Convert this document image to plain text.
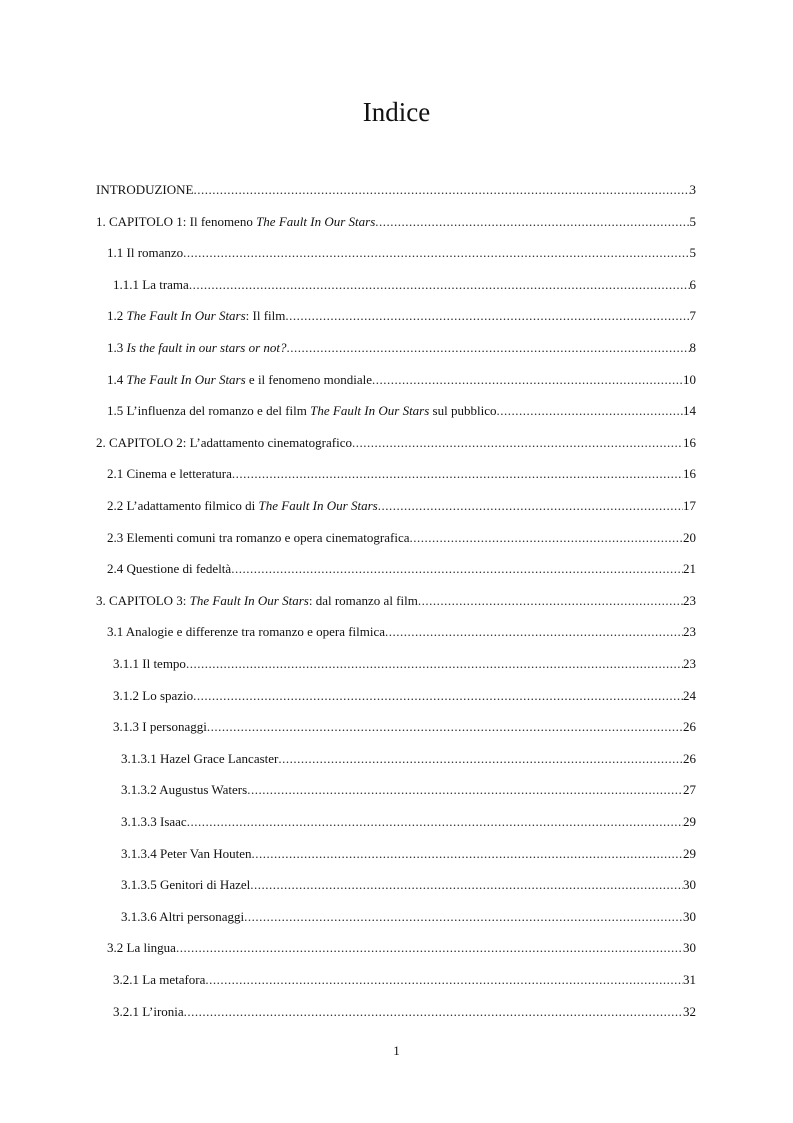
Indice
INTRODUZIONE .....	3
1. CAPITOLO 1: Il fenomeno The Fault In Our Stars .....	5
1.1 Il romanzo .....	5
1.1.1 La trama .....	6
1.2 The Fault In Our Stars: Il film .....	7
1.3 Is the fault in our stars or not? .....	8
1.4 The Fault In Our Stars e il fenomeno mondiale .....	10
1.5 L’influenza del romanzo e del film The Fault In Our Stars sul pubblico .....	14
2. CAPITOLO 2: L’adattamento cinematografico .....	16
2.1 Cinema e letteratura .....	16
2.2 L’adattamento filmico di The Fault In Our Stars .....	17
2.3 Elementi comuni tra romanzo e opera cinematografica .....	20
2.4 Questione di fedeltà .....	21
3. CAPITOLO 3: The Fault In Our Stars: dal romanzo al film .....	23
3.1 Analogie e differenze tra romanzo e opera filmica .....	23
3.1.1 Il tempo .....	23
3.1.2 Lo spazio .....	24
3.1.3 I personaggi .....	26
3.1.3.1 Hazel Grace Lancaster .....	26
3.1.3.2 Augustus Waters .....	27
3.1.3.3 Isaac .....	29
3.1.3.4 Peter Van Houten .....	29
3.1.3.5 Genitori di Hazel .....	30
3.1.3.6 Altri personaggi .....	30
3.2 La lingua .....	30
3.2.1 La metafora .....	31
3.2.1 L’ironia .....	32
1
